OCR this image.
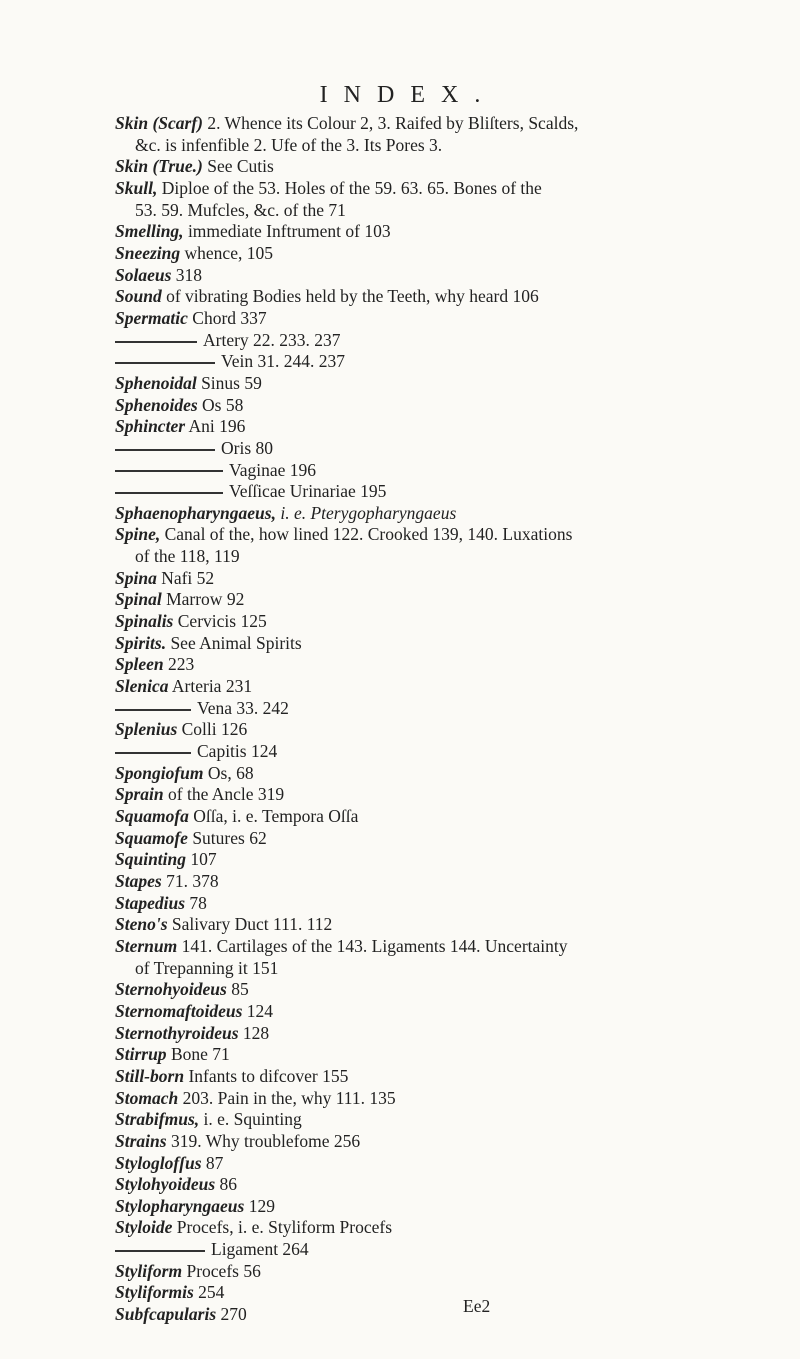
INDEX.
Skin (Scarf) 2. Whence its Colour 2, 3. Raifed by Bliſters, Scalds,
&c. is infenfible 2. Ufe of the 3. Its Pores 3.
Skin (True.) See Cutis
Skull, Diploe of the 53. Holes of the 59. 63. 65. Bones of the
53. 59. Mufcles, &c. of the 71
Smelling, immediate Inftrument of 103
Sneezing whence, 105
Solaeus 318
Sound of vibrating Bodies held by the Teeth, why heard 106
Spermatic Chord 337
Artery 22. 233. 237
Vein 31. 244. 237
Sphenoidal Sinus 59
Sphenoides Os 58
Sphincter Ani 196
Oris 80
Vaginae 196
Veſſicae Urinariae 195
Sphaenopharyngaeus, i. e. Pterygopharyngaeus
Spine, Canal of the, how lined 122. Crooked 139, 140. Luxations
of the 118, 119
Spina Nafi 52
Spinal Marrow 92
Spinalis Cervicis 125
Spirits. See Animal Spirits
Spleen 223
Slenica Arteria 231
Vena 33. 242
Splenius Colli 126
Capitis 124
Spongiofum Os, 68
Sprain of the Ancle 319
Squamofa Oſſa, i. e. Tempora Oſſa
Squamofe Sutures 62
Squinting 107
Stapes 71. 378
Stapedius 78
Steno's Salivary Duct 111. 112
Sternum 141. Cartilages of the 143. Ligaments 144. Uncertainty
of Trepanning it 151
Sternohyoideus 85
Sternomaftoideus 124
Sternothyroideus 128
Stirrup Bone 71
Still-born Infants to difcover 155
Stomach 203. Pain in the, why 111. 135
Strabifmus, i. e. Squinting
Strains 319. Why troublefome 256
Styloglofſus 87
Stylohyoideus 86
Stylopharyngaeus 129
Styloide Procefs, i. e. Styliform Procefs
Ligament 264
Styliform Procefs 56
Styliformis 254
Subfcapularis 270	Ee2
